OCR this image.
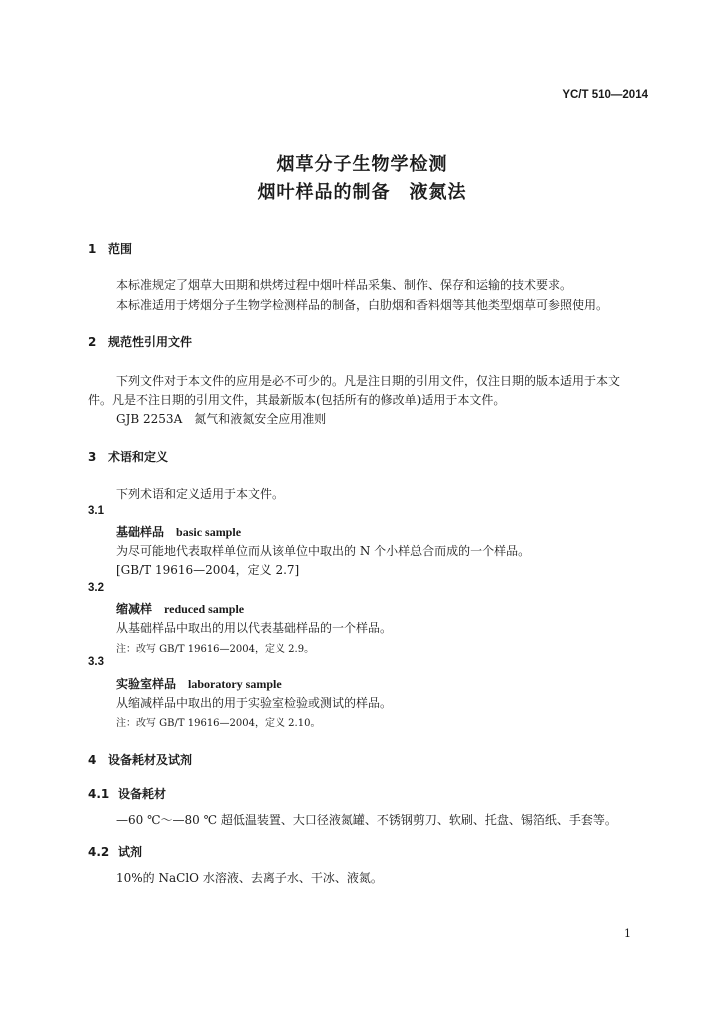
YC/T 510—2014
烟草分子生物学检测
烟叶样品的制备　液氮法
1 范围
本标准规定了烟草大田期和烘烤过程中烟叶样品采集、制作、保存和运输的技术要求。
本标准适用于烤烟分子生物学检测样品的制备，白肋烟和香料烟等其他类型烟草可参照使用。
2 规范性引用文件
下列文件对于本文件的应用是必不可少的。凡是注日期的引用文件，仅注日期的版本适用于本文
件。凡是不注日期的引用文件，其最新版本(包括所有的修改单)适用于本文件。
GJB 2253A　氮气和液氮安全应用准则
3 术语和定义
下列术语和定义适用于本文件。
3.1
基础样品 basic sample
为尽可能地代表取样单位而从该单位中取出的 N 个小样总合而成的一个样品。
[GB/T 19616—2004，定义 2.7]
3.2
缩减样 reduced sample
从基础样品中取出的用以代表基础样品的一个样品。
注：改写 GB/T 19616—2004，定义 2.9。
3.3
实验室样品 laboratory sample
从缩减样品中取出的用于实验室检验或测试的样品。
注：改写 GB/T 19616—2004，定义 2.10。
4 设备耗材及试剂
4.1 设备耗材
—60 ℃～—80 ℃ 超低温装置、大口径液氮罐、不锈钢剪刀、软刷、托盘、锡箔纸、手套等。
4.2 试剂
10%的 NaClO 水溶液、去离子水、干冰、液氮。
1
